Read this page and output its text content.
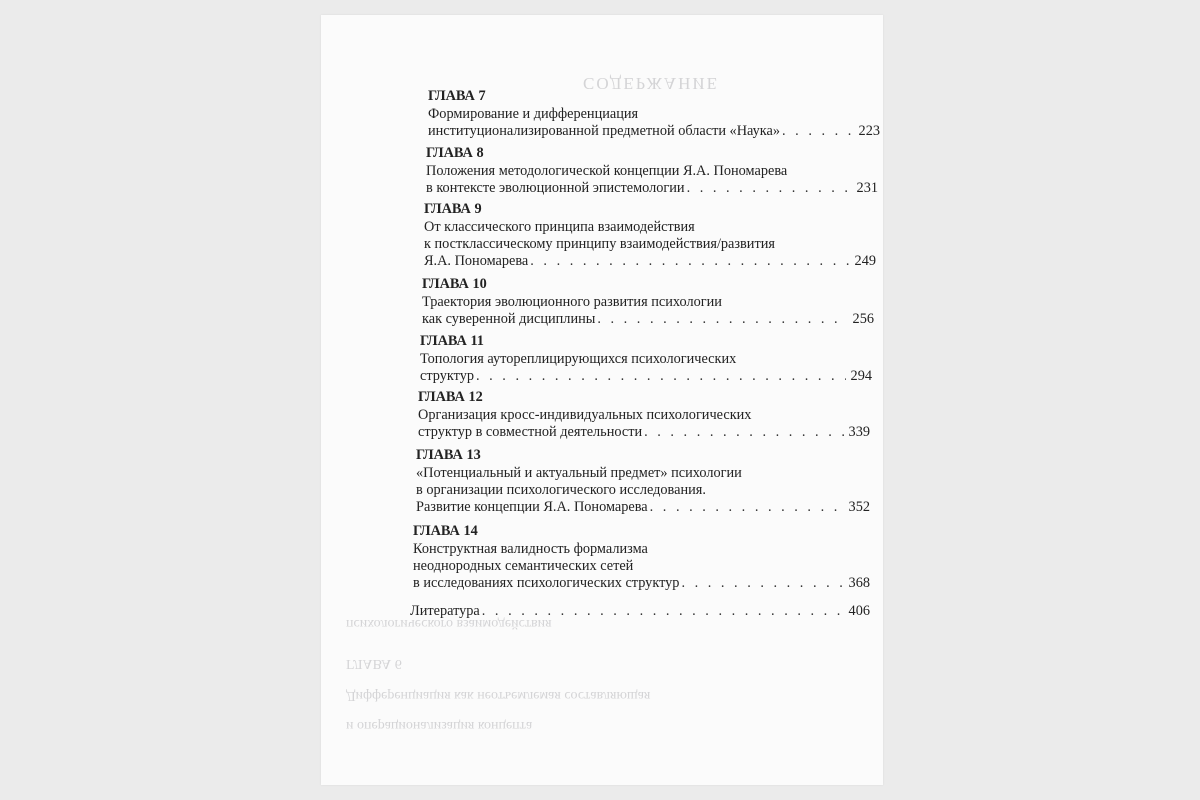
СОДЕРЖАНИЕ
психологического взаимодействия
ГЛАВА 6
Дифференциация как неотъемлемая составляющая
и операционализация концепта
ГЛАВА 7
Формирование и дифференциация
институционализированной предметной области «Наука» . . .	223
ГЛАВА 8
Положения методологической концепции Я.А. Пономарева
в контексте эволюционной эпистемологии . . .	231
ГЛАВА 9
От классического принципа взаимодействия
к постклассическому принципу взаимодействия/развития
Я.А. Пономарева . . .	249
ГЛАВА 10
Траектория эволюционного развития психологии
как суверенной дисциплины . . .	256
ГЛАВА 11
Топология аутореплицирующихся психологических
структур . . .	294
ГЛАВА 12
Организация кросс-индивидуальных психологических
структур в совместной деятельности . . .	339
ГЛАВА 13
«Потенциальный и актуальный предмет» психологии
в организации психологического исследования.
Развитие концепции Я.А. Пономарева . . .	352
ГЛАВА 14
Конструктная валидность формализма
неоднородных семантических сетей
в исследованиях психологических структур . . .	368
Литература . . .	406
